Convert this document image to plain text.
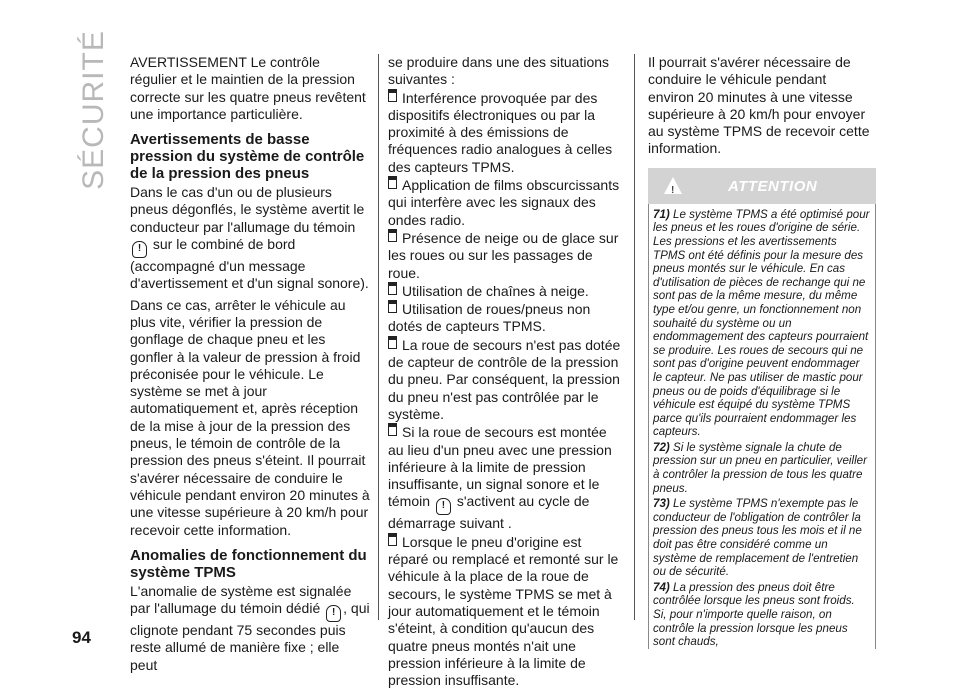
SÉCURITÉ
94

AVERTISSEMENT Le contrôle régulier et le maintien de la pression correcte sur les quatre pneus revêtent une importance particulière.

Avertissements de basse pression du système de contrôle de la pression des pneus

Dans le cas d'un ou de plusieurs pneus dégonflés, le système avertit le conducteur par l'allumage du témoin ! sur le combiné de bord (accompagné d'un message d'avertissement et d'un signal sonore).

Dans ce cas, arrêter le véhicule au plus vite, vérifier la pression de gonflage de chaque pneu et les gonfler à la valeur de pression à froid préconisée pour le véhicule. Le système se met à jour automatiquement et, après réception de la mise à jour de la pression des pneus, le témoin de contrôle de la pression des pneus s'éteint. Il pourrait s'avérer nécessaire de conduire le véhicule pendant environ 20 minutes à une vitesse supérieure à 20 km/h pour recevoir cette information.

Anomalies de fonctionnement du système TPMS

L'anomalie de système est signalée par l'allumage du témoin dédié ! , qui clignote pendant 75 secondes puis reste allumé de manière fixe ; elle peut

se produire dans une des situations suivantes :

Interférence provoquée par des dispositifs électroniques ou par la proximité à des émissions de fréquences radio analogues à celles des capteurs TPMS.
Application de films obscurcissants qui interfère avec les signaux des ondes radio.
Présence de neige ou de glace sur les roues ou sur les passages de roue.
Utilisation de chaînes à neige.
Utilisation de roues/pneus non dotés de capteurs TPMS.
La roue de secours n'est pas dotée de capteur de contrôle de la pression du pneu. Par conséquent, la pression du pneu n'est pas contrôlée par le système.
Si la roue de secours est montée au lieu d'un pneu avec une pression inférieure à la limite de pression insuffisante, un signal sonore et le témoin ! s'activent au cycle de démarrage suivant .
Lorsque le pneu d'origine est réparé ou remplacé et remonté sur le véhicule à la place de la roue de secours, le système TPMS se met à jour automatiquement et le témoin s'éteint, à condition qu'aucun des quatre pneus montés n'ait une pression inférieure à la limite de pression insuffisante.

Il pourrait s'avérer nécessaire de conduire le véhicule pendant environ 20 minutes à une vitesse supérieure à 20 km/h pour envoyer au système TPMS de recevoir cette information.

!	ATTENTION

71) Le système TPMS a été optimisé pour les pneus et les roues d'origine de série. Les pressions et les avertissements TPMS ont été définis pour la mesure des pneus montés sur le véhicule. En cas d'utilisation de pièces de rechange qui ne sont pas de la même mesure, du même type et/ou genre, un fonctionnement non souhaité du système ou un endommagement des capteurs pourraient se produire. Les roues de secours qui ne sont pas d'origine peuvent endommager le capteur. Ne pas utiliser de mastic pour pneus ou de poids d'équilibrage si le véhicule est équipé du système TPMS parce qu'ils pourraient endommager les capteurs.

72) Si le système signale la chute de pression sur un pneu en particulier, veiller à contrôler la pression de tous les quatre pneus.

73) Le système TPMS n'exempte pas le conducteur de l'obligation de contrôler la pression des pneus tous les mois et il ne doit pas être considéré comme un système de remplacement de l'entretien ou de sécurité.

74) La pression des pneus doit être contrôlée lorsque les pneus sont froids. Si, pour n'importe quelle raison, on contrôle la pression lorsque les pneus sont chauds,
